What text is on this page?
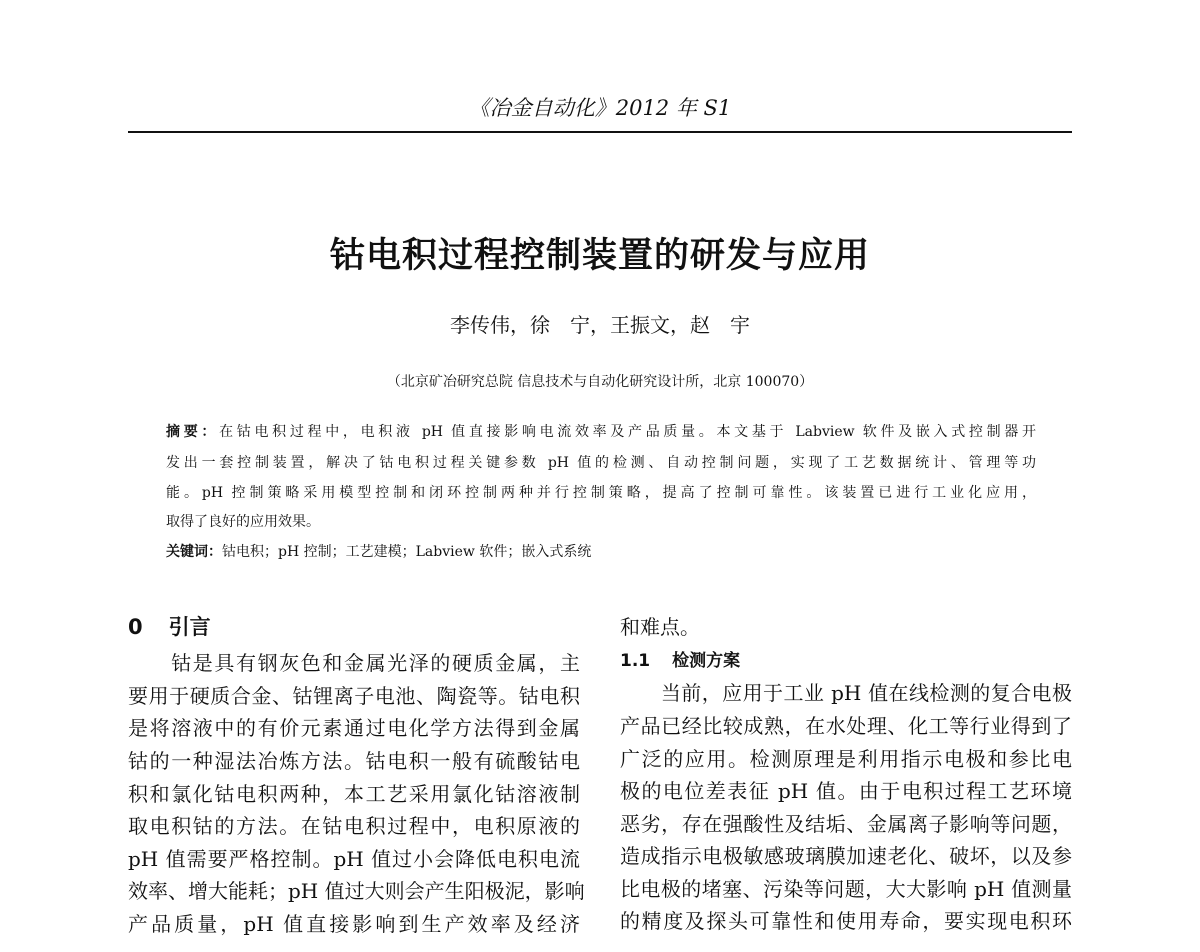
《冶金自动化》2012 年 S1
钴电积过程控制装置的研发与应用
李传伟，徐　宁，王振文，赵　宇
（北京矿冶研究总院 信息技术与自动化研究设计所，北京 100070）
摘要：在钴电积过程中，电积液 pH 值直接影响电流效率及产品质量。本文基于 Labview 软件及嵌入式控制器开
发出一套控制装置，解决了钴电积过程关键参数 pH 值的检测、自动控制问题，实现了工艺数据统计、管理等功
能。pH 控制策略采用模型控制和闭环控制两种并行控制策略，提高了控制可靠性。该装置已进行工业化应用，
取得了良好的应用效果。
关键词：钴电积；pH 控制；工艺建模；Labview 软件；嵌入式系统
0 引言
　　钴是具有钢灰色和金属光泽的硬质金属，主
要用于硬质合金、钴锂离子电池、陶瓷等。钴电积
是将溶液中的有价元素通过电化学方法得到金属
钴的一种湿法冶炼方法。钴电积一般有硫酸钴电
积和氯化钴电积两种，本工艺采用氯化钴溶液制
取电积钴的方法。在钴电积过程中，电积原液的
pH 值需要严格控制。pH 值过小会降低电积电流
效率、增大能耗；pH 值过大则会产生阳极泥，影响
产品质量，pH 值直接影响到生产效率及经济
和难点。
1.1 检测方案
　　当前，应用于工业 pH 值在线检测的复合电极
产品已经比较成熟，在水处理、化工等行业得到了
广泛的应用。检测原理是利用指示电极和参比电
极的电位差表征 pH 值。由于电积过程工艺环境
恶劣，存在强酸性及结垢、金属离子影响等问题，
造成指示电极敏感玻璃膜加速老化、破坏，以及参
比电极的堵塞、污染等问题，大大影响 pH 值测量
的精度及探头可靠性和使用寿命，要实现电积环
